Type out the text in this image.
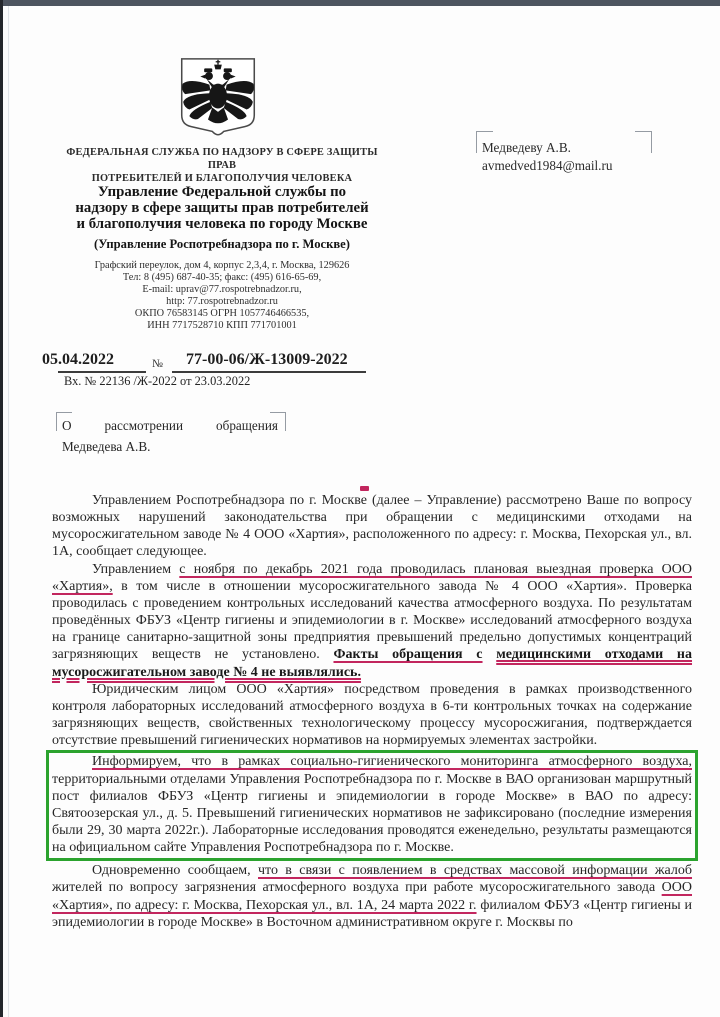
ФЕДЕРАЛЬНАЯ СЛУЖБА ПО НАДЗОРУ В СФЕРЕ ЗАЩИТЫ ПРАВ
ПОТРЕБИТЕЛЕЙ И БЛАГОПОЛУЧИЯ ЧЕЛОВЕКА
Управление Федеральной службы по
надзору в сфере защиты прав потребителей
и благополучия человека по городу Москве
(Управление Роспотребнадзора по г. Москве)
Графский переулок, дом 4, корпус 2,3,4, г. Москва, 129626
Тел: 8 (495) 687-40-35; факс: (495) 616-65-69,
E-mail: uprav@77.rospotrebnadzor.ru,
http: 77.rospotrebnadzor.ru
ОКПО 76583145 ОГРН 1057746466535,
ИНН 7717528710 КПП 771701001
Медведеву А.В.
avmedved1984@mail.ru
05.04.2022	№ 77-00-06/Ж-13009-2022
Вх. № 22136 /Ж-2022 от 23.03.2022
О	рассмотрении	обращения
Медведева А.В.
Управлением Роспотребнадзора по г. Москве (далее – Управление) рассмотрено Ваше по вопросу возможных нарушений законодательства при обращении с медицинскими отходами на мусоросжигательном заводе № 4 ООО «Хартия», расположенного по адресу: г. Москва, Пехорская ул., вл. 1А, сообщает следующее.
Управлением с ноября по декабрь 2021 года проводилась плановая выездная проверка ООО «Хартия», в том числе в отношении мусоросжигательного завода № 4 ООО «Хартия». Проверка проводилась с проведением контрольных исследований качества атмосферного воздуха. По результатам проведённых ФБУЗ «Центр гигиены и эпидемиологии в г. Москве» исследований атмосферного воздуха на границе санитарно-защитной зоны предприятия превышений предельно допустимых концентраций загрязняющих веществ не установлено. Факты обращения с медицинскими отходами на мусоросжигательном заводе № 4 не выявлялись.
Юридическим лицом ООО «Хартия» посредством проведения в рамках производственного контроля лабораторных исследований атмосферного воздуха в 6-ти контрольных точках на содержание загрязняющих веществ, свойственных технологическому процессу мусоросжигания, подтверждается отсутствие превышений гигиенических нормативов на нормируемых элементах застройки.
Информируем, что в рамках социально-гигиенического мониторинга атмосферного воздуха, территориальными отделами Управления Роспотребнадзора по г. Москве в ВАО организован маршрутный пост филиалов ФБУЗ «Центр гигиены и эпидемиологии в городе Москве» в ВАО по адресу: Святоозерская ул., д. 5. Превышений гигиенических нормативов не зафиксировано (последние измерения были 29, 30 марта 2022г.). Лабораторные исследования проводятся еженедельно, результаты размещаются на официальном сайте Управления Роспотребнадзора по г. Москве.
Одновременно сообщаем, что в связи с появлением в средствах массовой информации жалоб жителей по вопросу загрязнения атмосферного воздуха при работе мусоросжигательного завода ООО «Хартия», по адресу: г. Москва, Пехорская ул., вл. 1А, 24 марта 2022 г. филиалом ФБУЗ «Центр гигиены и эпидемиологии в городе Москве» в Восточном административном округе г. Москвы по
